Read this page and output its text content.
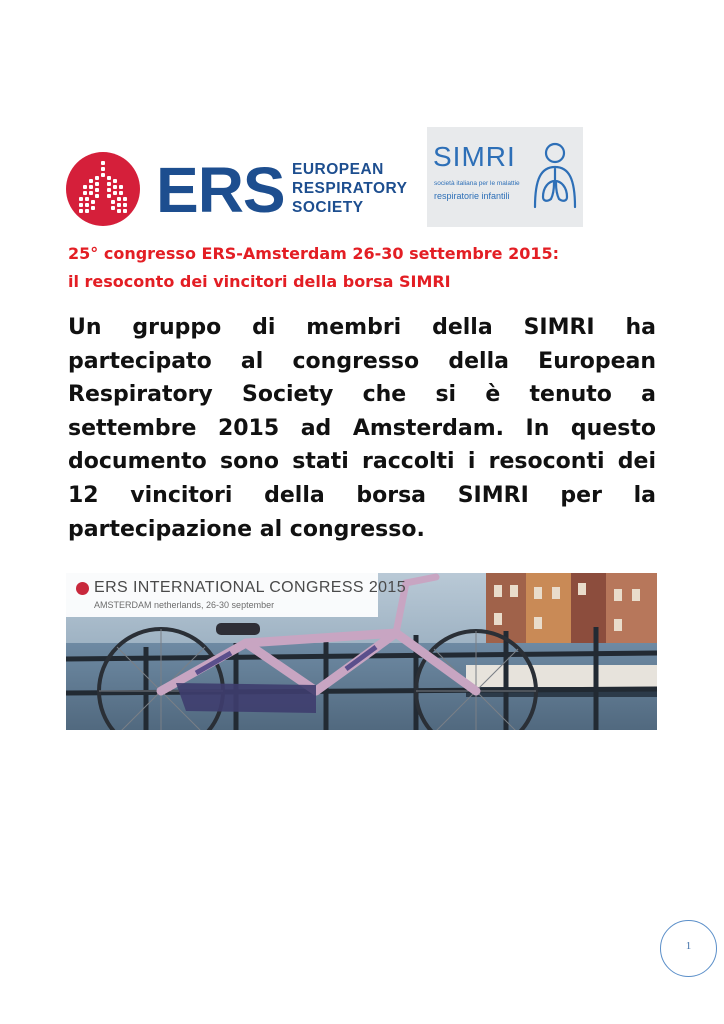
ERS EUROPEAN
RESPIRATORY
SOCIETY
SIMRI
società italiana per le malattie
respiratorie infantili

25° congresso ERS-Amsterdam 26-30 settembre 2015:

il resoconto dei vincitori della borsa SIMRI

Un gruppo di membri della SIMRI ha partecipato al congresso della European Respiratory Society che si è tenuto a settembre 2015 ad Amsterdam. In questo documento sono stati raccolti i resoconti dei 12 vincitori della borsa SIMRI per la partecipazione al congresso.
ERS INTERNATIONAL CONGRESS 2015
AMSTERDAM netherlands, 26-30 september
1
